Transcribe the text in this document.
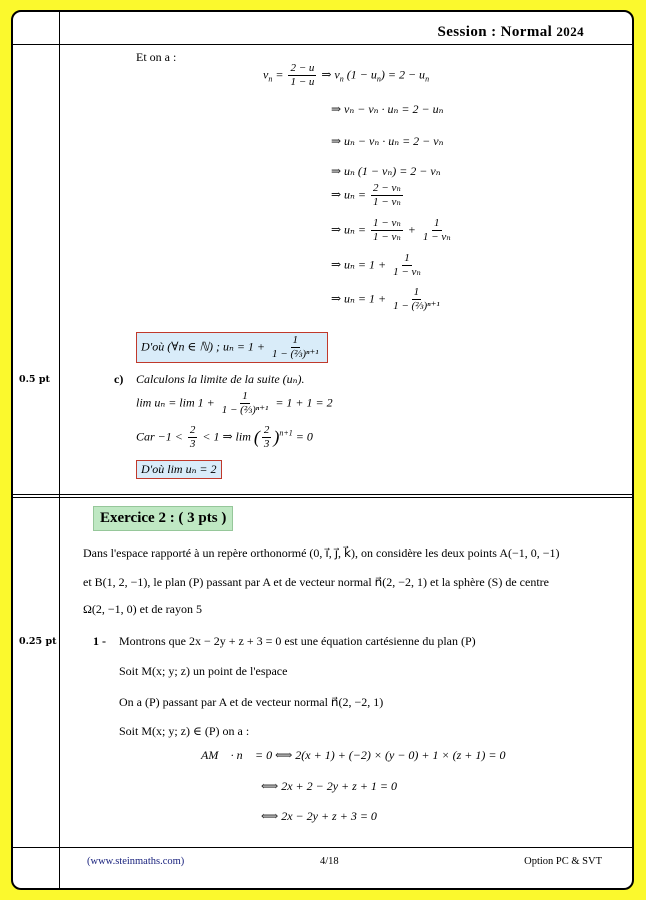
Session : Normal 2024
0.5 pt
0.25 pt
Et on a :
$v_n = \frac{2 - u}{1 - u}$ ⇒ $v_n$ $(1 - u_n) = 2 - u_n$
⇒ vₙ − vₙ · uₙ = 2 − uₙ
⇒ uₙ − vₙ · uₙ = 2 − vₙ
⇒ uₙ (1 − vₙ) = 2 − vₙ
⇒ $u_n = \frac{\text{2 − vₙ}}{\text{1 − vₙ}}$
⇒ $u_n = \frac{\text{1 − vₙ}}{\text{1 − vₙ}} + \frac{1}{\text{1 − vₙ}}$
⇒ $u_n = 1 + \frac{1}{\text{1 − vₙ}}$
⇒ $u_n = 1 + \frac{1}{\text{1 − (⅔)ⁿ⁺¹}}$
D'où (∀n ∈ ℕ) ; $u_n = 1 + \frac{1}{\text{1 − (⅔)ⁿ⁺¹}}$
c) Calculons la limite de la suite (uₙ).
$\lim u_n = \lim 1 + \frac{1}{\text{1 − (⅔)ⁿ⁺¹}} = 1 + 1 = 2$
Car $-1 < \frac{2}{3} < 1$ ⇒ lim ( $\frac{2}{3} )^{n+1} = 0$
D'où lim uₙ = 2
Exercice 2 : ( 3 pts )
Dans l'espace rapporté à un repère orthonormé (0, i⃗, j⃗, k⃗), on considère les deux points A(−1, 0, −1)
et B(1, 2, −1), le plan (P) passant par A et de vecteur normal n⃗(2, −2, 1) et la sphère (S) de centre
Ω(2, −1, 0) et de rayon 5
1 - Montrons que 2x − 2y + z + 3 = 0 est une équation cartésienne du plan (P)
Soit M(x; y; z) un point de l'espace
On a (P) passant par A et de vecteur normal n⃗(2, −2, 1)
Soit M(x; y; z) ∈ (P) on a :
AM⃗ · n⃗ = 0 ⟺ 2(x + 1) + (−2) × (y − 0) + 1 × (z + 1) = 0
⟺ 2x + 2 − 2y + z + 1 = 0
⟺ 2x − 2y + z + 3 = 0
(www.steinmaths.com)	4/18	Option PC & SVT
